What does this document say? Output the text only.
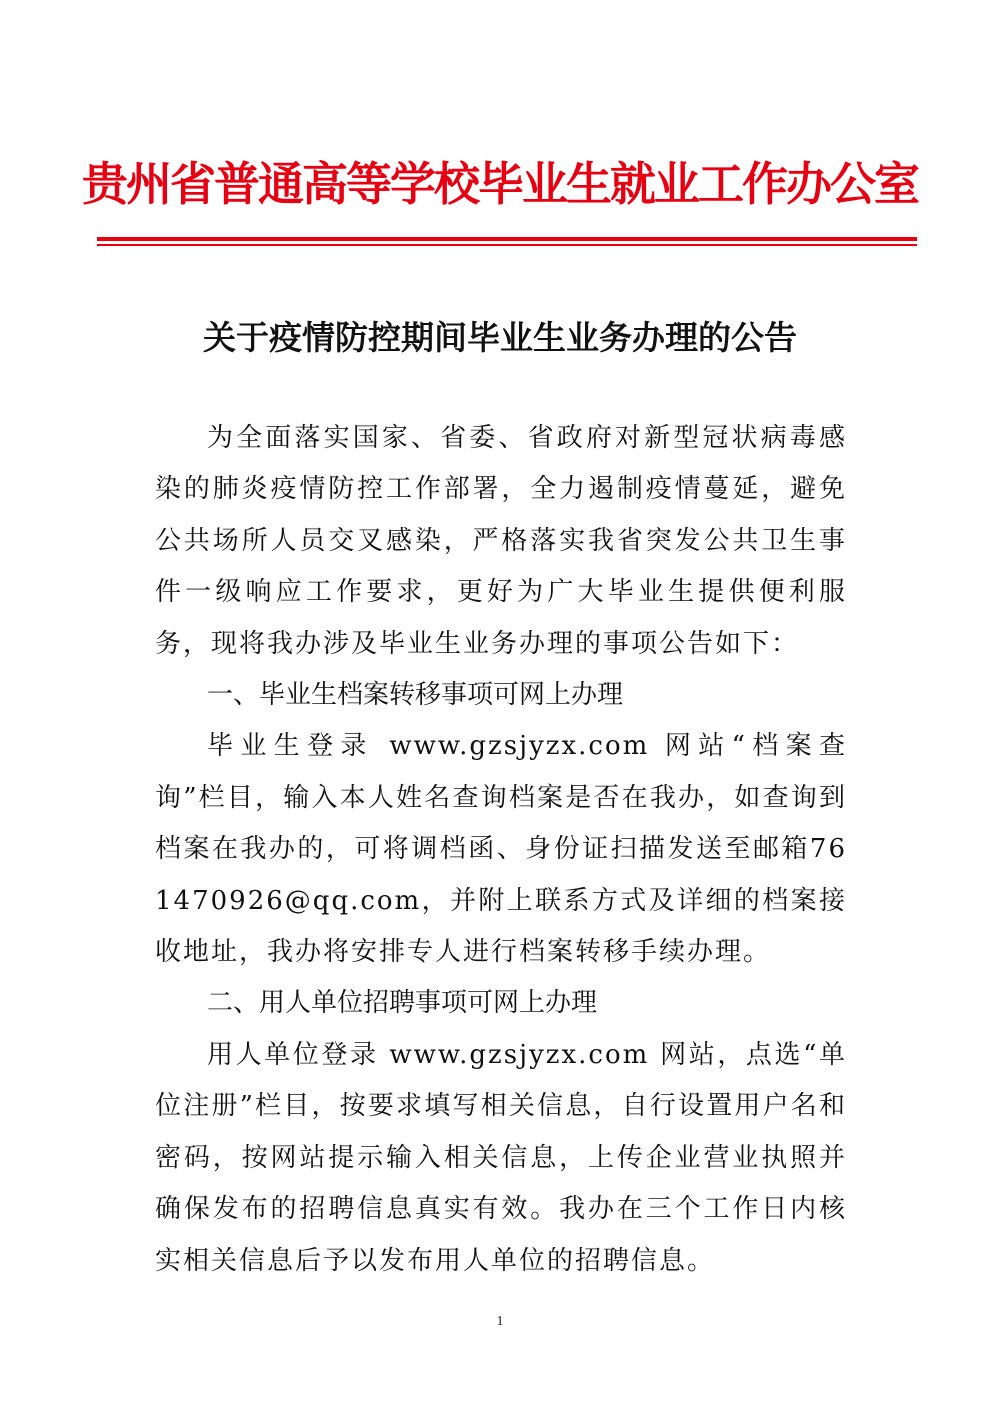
贵州省普通高等学校毕业生就业工作办公室
关于疫情防控期间毕业生业务办理的公告

为全面落实国家、省委、省政府对新型冠状病毒感染的肺炎疫情防控工作部署，全力遏制疫情蔓延，避免公共场所人员交叉感染，严格落实我省突发公共卫生事件一级响应工作要求，更好为广大毕业生提供便利服务，现将我办涉及毕业生业务办理的事项公告如下：

一、毕业生档案转移事项可网上办理

毕业生登录 www.gzsjyzx.com 网站“档案查询”栏目，输入本人姓名查询档案是否在我办，如查询到档案在我办的，可将调档函、身份证扫描发送至邮箱761470926@qq.com，并附上联系方式及详细的档案接收地址，我办将安排专人进行档案转移手续办理。

二、用人单位招聘事项可网上办理

用人单位登录 www.gzsjyzx.com 网站，点选“单位注册”栏目，按要求填写相关信息，自行设置用户名和密码，按网站提示输入相关信息，上传企业营业执照并确保发布的招聘信息真实有效。我办在三个工作日内核实相关信息后予以发布用人单位的招聘信息。

1
